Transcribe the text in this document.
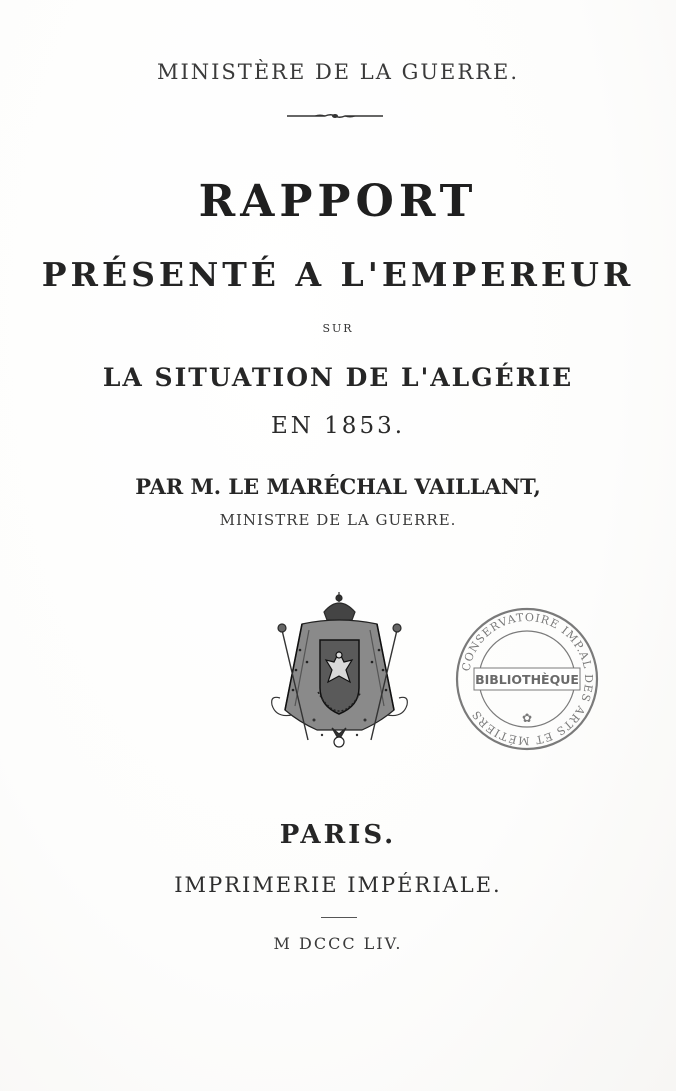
MINISTÈRE DE LA GUERRE.
RAPPORT
PRÉSENTÉ A L'EMPEREUR
SUR
LA SITUATION DE L'ALGÉRIE
EN 1853.
PAR M. LE MARÉCHAL VAILLANT,
MINISTRE DE LA GUERRE.
CONSERVATOIRE IMP.AL DES ARTS ET MÉTIERS
BIBLIOTHÈQUE
✿
PARIS.
IMPRIMERIE IMPÉRIALE.
M DCCC LIV.
